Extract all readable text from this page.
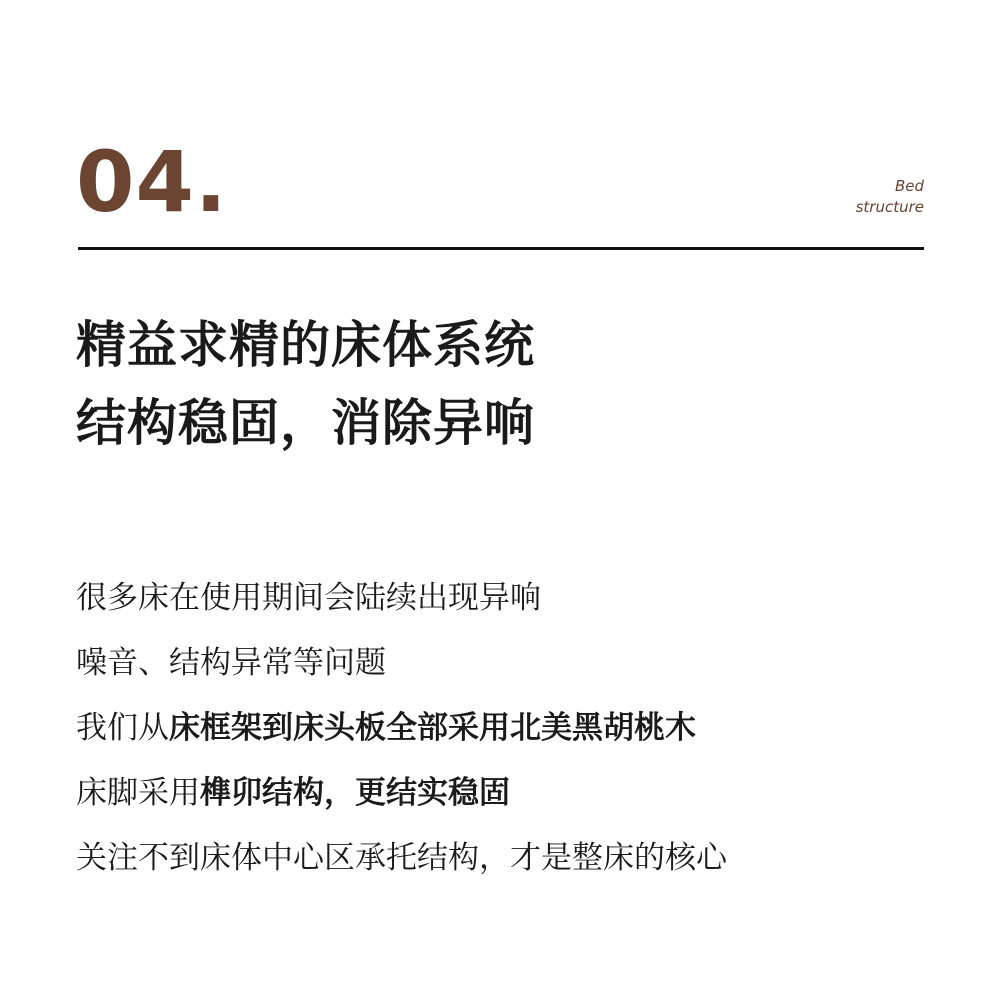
04.	Bed
structure
精益求精的床体系统
结构稳固，消除异响
很多床在使用期间会陆续出现异响
噪音、结构异常等问题
我们从床框架到床头板全部采用北美黑胡桃木
床脚采用榫卯结构，更结实稳固
关注不到床体中心区承托结构，才是整床的核心
